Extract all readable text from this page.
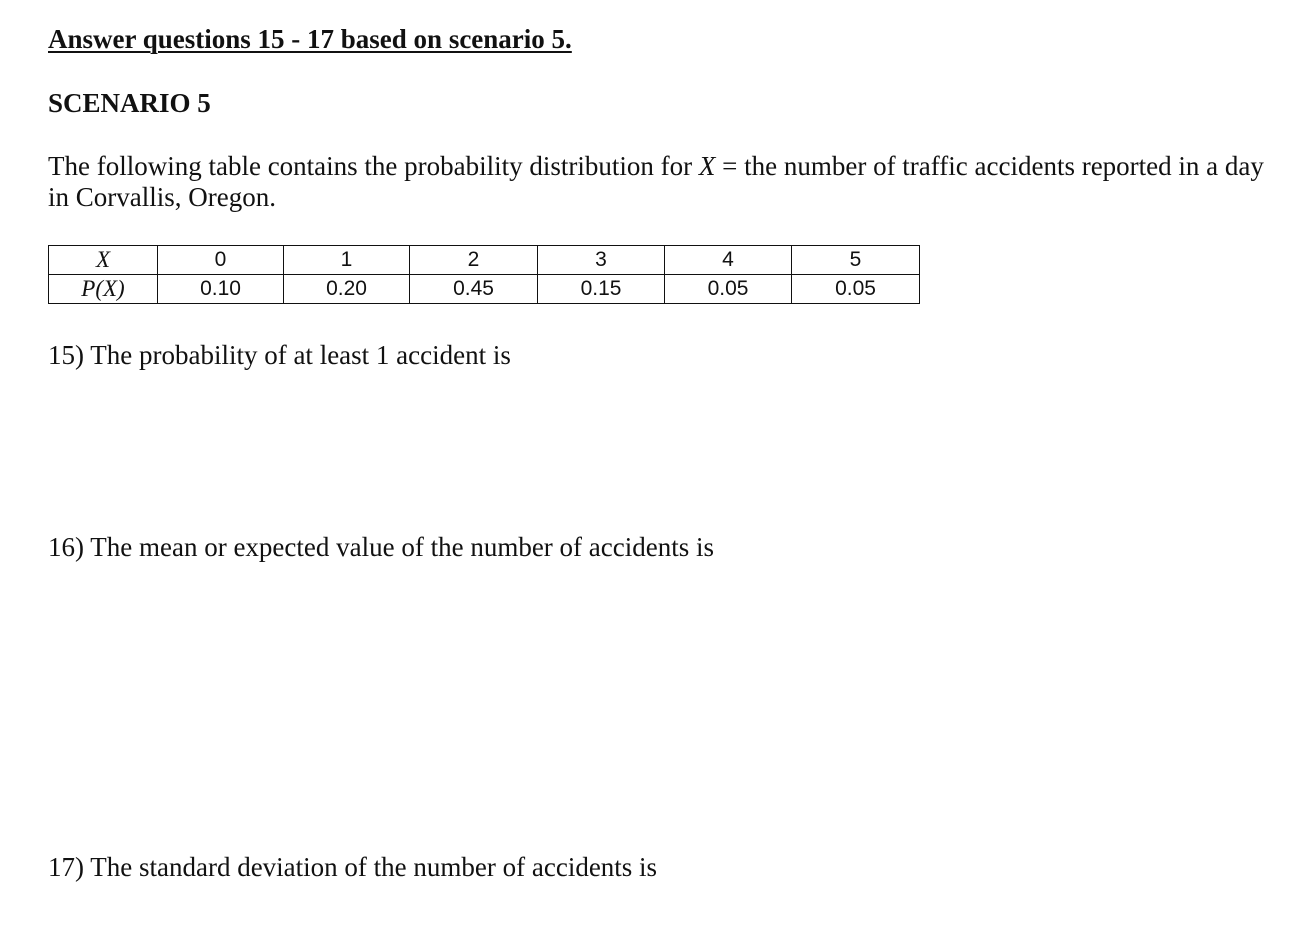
Answer questions 15 - 17 based on scenario 5.
SCENARIO 5
The following table contains the probability distribution for X = the number of traffic accidents reported in a day in Corvallis, Oregon.
X	0	1	2	3	4	5
P(X)	0.10	0.20	0.45	0.15	0.05	0.05
15) The probability of at least 1 accident is
16) The mean or expected value of the number of accidents is
17) The standard deviation of the number of accidents is
